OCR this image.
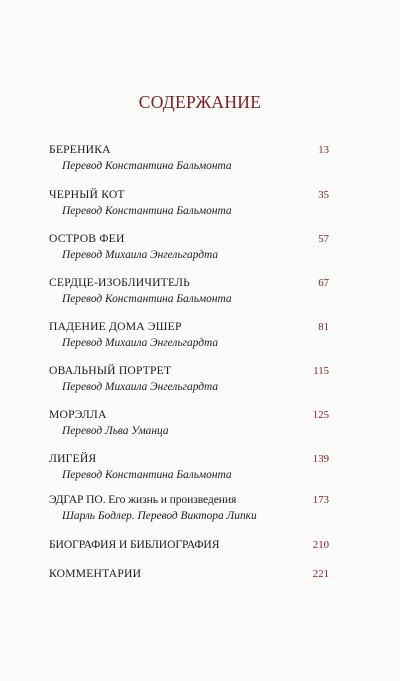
СОДЕРЖАНИЕ
БЕРЕНИКА ..............................	13
Перевод Константина Бальмонта
ЧЕРНЫЙ КОТ	35
Перевод Константина Бальмонта
ОСТРОВ ФЕИ ............................	57
Перевод Михаила Энгельгардта
СЕРДЦЕ-ИЗОБЛИЧИТЕЛЬ	67
Перевод Константина Бальмонта
ПАДЕНИЕ ДОМА ЭШЕР	...............	81
Перевод Михаила Энгельгардта
ОВАЛЬНЫЙ ПОРТРЕТ	115
Перевод Михаила Энгельгардта
МОРЭЛЛА .................................	125
Перевод Льва Уманца
ЛИГЕЙЯ ..................................	139
Перевод Константина Бальмонта
ЭДГАР ПО. Его жизнь и произведения	..... 173
Шарль Бодлер. Перевод Виктора Липки
БИОГРАФИЯ И БИБЛИОГРАФИЯ	..........	210
КОММЕНТАРИИ ...........................	221
